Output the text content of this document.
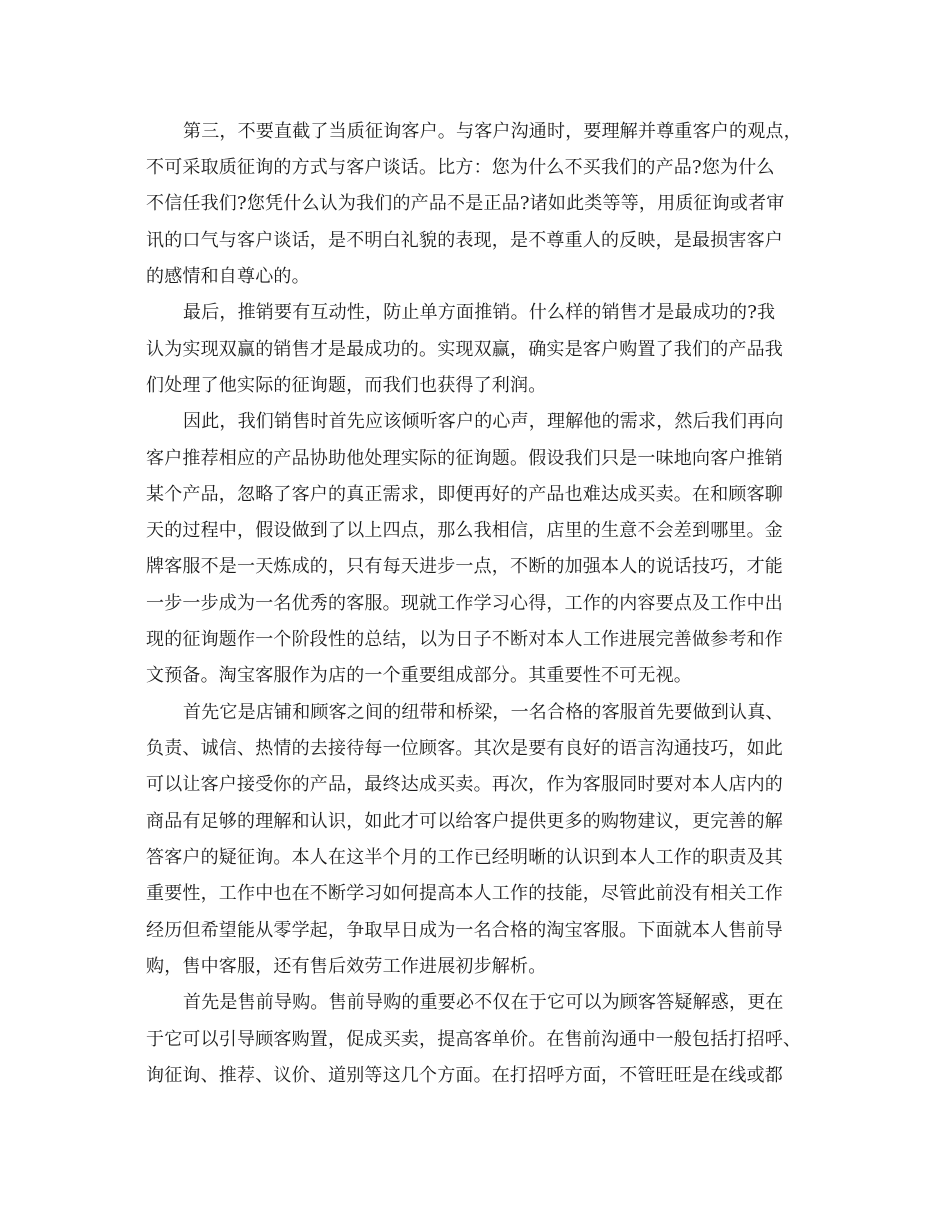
第三，不要直截了当质征询客户。与客户沟通时，要理解并尊重客户的观点，
不可采取质征询的方式与客户谈话。比方：您为什么不买我们的产品?您为什么
不信任我们?您凭什么认为我们的产品不是正品?诸如此类等等，用质征询或者审
讯的口气与客户谈话，是不明白礼貌的表现，是不尊重人的反映，是最损害客户
的感情和自尊心的。
最后，推销要有互动性，防止单方面推销。什么样的销售才是最成功的?我
认为实现双赢的销售才是最成功的。实现双赢，确实是客户购置了我们的产品我
们处理了他实际的征询题，而我们也获得了利润。
因此，我们销售时首先应该倾听客户的心声，理解他的需求，然后我们再向
客户推荐相应的产品协助他处理实际的征询题。假设我们只是一味地向客户推销
某个产品，忽略了客户的真正需求，即便再好的产品也难达成买卖。在和顾客聊
天的过程中，假设做到了以上四点，那么我相信，店里的生意不会差到哪里。金
牌客服不是一天炼成的，只有每天进步一点，不断的加强本人的说话技巧，才能
一步一步成为一名优秀的客服。现就工作学习心得，工作的内容要点及工作中出
现的征询题作一个阶段性的总结，以为日子不断对本人工作进展完善做参考和作
文预备。淘宝客服作为店的一个重要组成部分。其重要性不可无视。
首先它是店铺和顾客之间的纽带和桥梁，一名合格的客服首先要做到认真、
负责、诚信、热情的去接待每一位顾客。其次是要有良好的语言沟通技巧，如此
可以让客户接受你的产品，最终达成买卖。再次，作为客服同时要对本人店内的
商品有足够的理解和认识，如此才可以给客户提供更多的购物建议，更完善的解
答客户的疑征询。本人在这半个月的工作已经明晰的认识到本人工作的职责及其
重要性，工作中也在不断学习如何提高本人工作的技能，尽管此前没有相关工作
经历但希望能从零学起，争取早日成为一名合格的淘宝客服。下面就本人售前导
购，售中客服，还有售后效劳工作进展初步解析。
首先是售前导购。售前导购的重要必不仅在于它可以为顾客答疑解惑，更在
于它可以引导顾客购置，促成买卖，提高客单价。在售前沟通中一般包括打招呼、
询征询、推荐、议价、道别等这几个方面。在打招呼方面，不管旺旺是在线或都
